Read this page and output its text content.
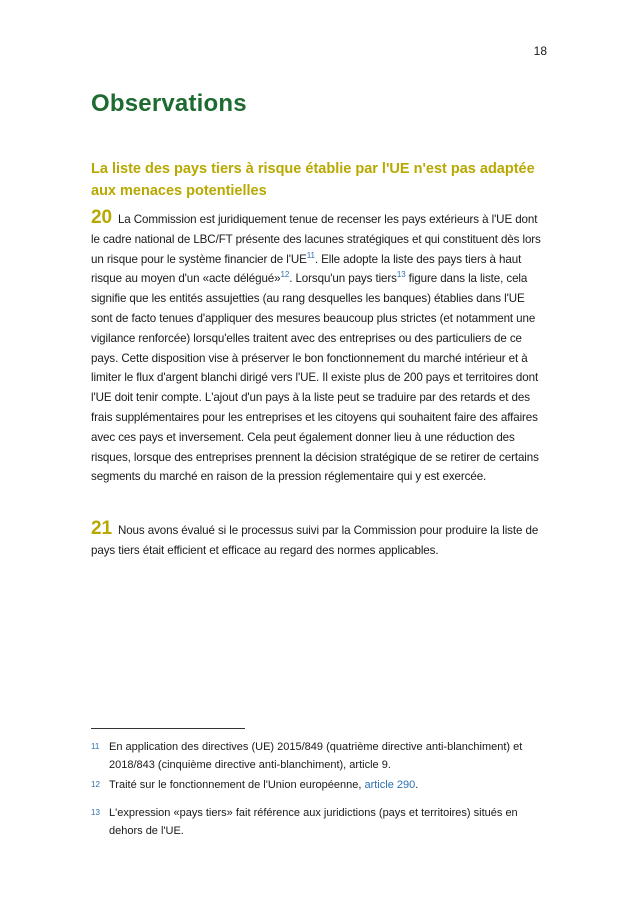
18
Observations
La liste des pays tiers à risque établie par l'UE n'est pas adaptée aux menaces potentielles

20 La Commission est juridiquement tenue de recenser les pays extérieurs à l'UE dont le cadre national de LBC/FT présente des lacunes stratégiques et qui constituent dès lors un risque pour le système financier de l'UE$^{11}$. Elle adopte la liste des pays tiers à haut risque au moyen d'un «acte délégué»$^{12}$. Lorsqu'un pays tiers$^{13}$ figure dans la liste, cela signifie que les entités assujetties (au rang desquelles les banques) établies dans l'UE sont de facto tenues d'appliquer des mesures beaucoup plus strictes (et notamment une vigilance renforcée) lorsqu'elles traitent avec des entreprises ou des particuliers de ce pays. Cette disposition vise à préserver le bon fonctionnement du marché intérieur et à limiter le flux d'argent blanchi dirigé vers l'UE. Il existe plus de 200 pays et territoires dont l'UE doit tenir compte. L'ajout d'un pays à la liste peut se traduire par des retards et des frais supplémentaires pour les entreprises et les citoyens qui souhaitent faire des affaires avec ces pays et inversement. Cela peut également donner lieu à une réduction des risques, lorsque des entreprises prennent la décision stratégique de se retirer de certains segments du marché en raison de la pression réglementaire qui y est exercée.

21 Nous avons évalué si le processus suivi par la Commission pour produire la liste de pays tiers était efficient et efficace au regard des normes applicables.

11 En application des directives (UE) 2015/849 (quatrième directive anti-blanchiment) et 2018/843 (cinquième directive anti-blanchiment), article 9.
12 Traité sur le fonctionnement de l'Union européenne, article 290.
13 L'expression «pays tiers» fait référence aux juridictions (pays et territoires) situés en dehors de l'UE.
